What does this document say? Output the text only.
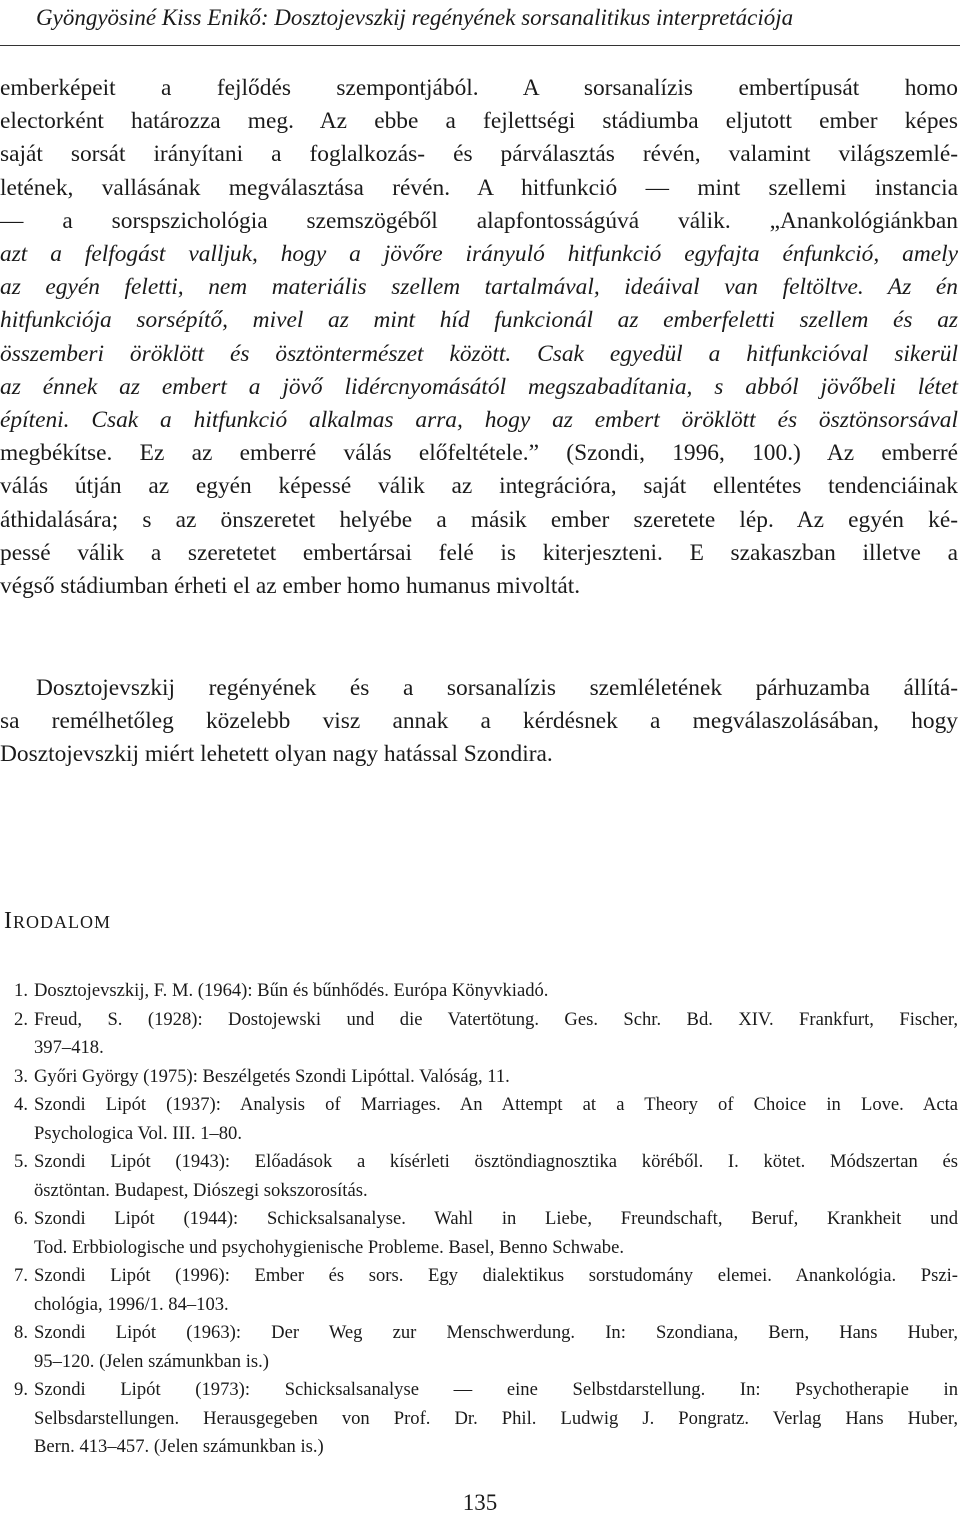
Gyöngyösiné Kiss Enikő: Dosztojevszkij regényének sorsanalitikus interpretációja
emberképeit a fejlődés szempontjából. A sorsanalízis embertípusát homo
electorként határozza meg. Az ebbe a fejlettségi stádiumba eljutott ember képes
saját sorsát irányítani a foglalkozás- és párválasztás révén, valamint világszemlé-
letének, vallásának megválasztása révén. A hitfunkció — mint szellemi instancia
— a sorspszichológia szemszögéből alapfontosságúvá válik. „Anankológiánkban
azt a felfogást valljuk, hogy a jövőre irányuló hitfunkció egyfajta énfunkció, amely
az egyén feletti, nem materiális szellem tartalmával, ideáival van feltöltve. Az én
hitfunkciója sorsépítő, mivel az mint híd funkcionál az emberfeletti szellem és az
összemberi öröklött és ösztöntermészet között. Csak egyedül a hitfunkcióval sikerül
az énnek az embert a jövő lidércnyomásától megszabadítania, s abból jövőbeli létet
építeni. Csak a hitfunkció alkalmas arra, hogy az embert öröklött és ösztönsorsával
megbékítse. Ez az emberré válás előfeltétele.” (Szondi, 1996, 100.) Az emberré
válás útján az egyén képessé válik az integrációra, saját ellentétes tendenciáinak
áthidalására; s az önszeretet helyébe a másik ember szeretete lép. Az egyén ké-
pessé válik a szeretetet embertársai felé is kiterjeszteni. E szakaszban illetve a
végső stádiumban érheti el az ember homo humanus mivoltát.
Dosztojevszkij regényének és a sorsanalízis szemléletének párhuzamba állítá-
sa remélhetőleg közelebb visz annak a kérdésnek a megválaszolásában, hogy
Dosztojevszkij miért lehetett olyan nagy hatással Szondira.
IRODALOM
1. Dosztojevszkij, F. M. (1964): Bűn és bűnhődés. Európa Könyvkiadó.
2. Freud, S. (1928): Dostojewski und die Vatertötung. Ges. Schr. Bd. XIV. Frankfurt, Fischer,
397–418.
3. Győri György (1975): Beszélgetés Szondi Lipóttal. Valóság, 11.
4. Szondi Lipót (1937): Analysis of Marriages. An Attempt at a Theory of Choice in Love. Acta
Psychologica Vol. III. 1–80.
5. Szondi Lipót (1943): Előadások a kísérleti ösztöndiagnosztika köréből. I. kötet. Módszertan és
ösztöntan. Budapest, Diószegi sokszorosítás.
6. Szondi Lipót (1944): Schicksalsanalyse. Wahl in Liebe, Freundschaft, Beruf, Krankheit und
Tod. Erbbiologische und psychohygienische Probleme. Basel, Benno Schwabe.
7. Szondi Lipót (1996): Ember és sors. Egy dialektikus sorstudomány elemei. Anankológia. Pszi-
chológia, 1996/1. 84–103.
8. Szondi Lipót (1963): Der Weg zur Menschwerdung. In: Szondiana, Bern, Hans Huber,
95–120. (Jelen számunkban is.)
9. Szondi Lipót (1973): Schicksalsanalyse — eine Selbstdarstellung. In: Psychotherapie in
Selbsdarstellungen. Herausgegeben von Prof. Dr. Phil. Ludwig J. Pongratz. Verlag Hans Huber,
Bern. 413–457. (Jelen számunkban is.)
135
